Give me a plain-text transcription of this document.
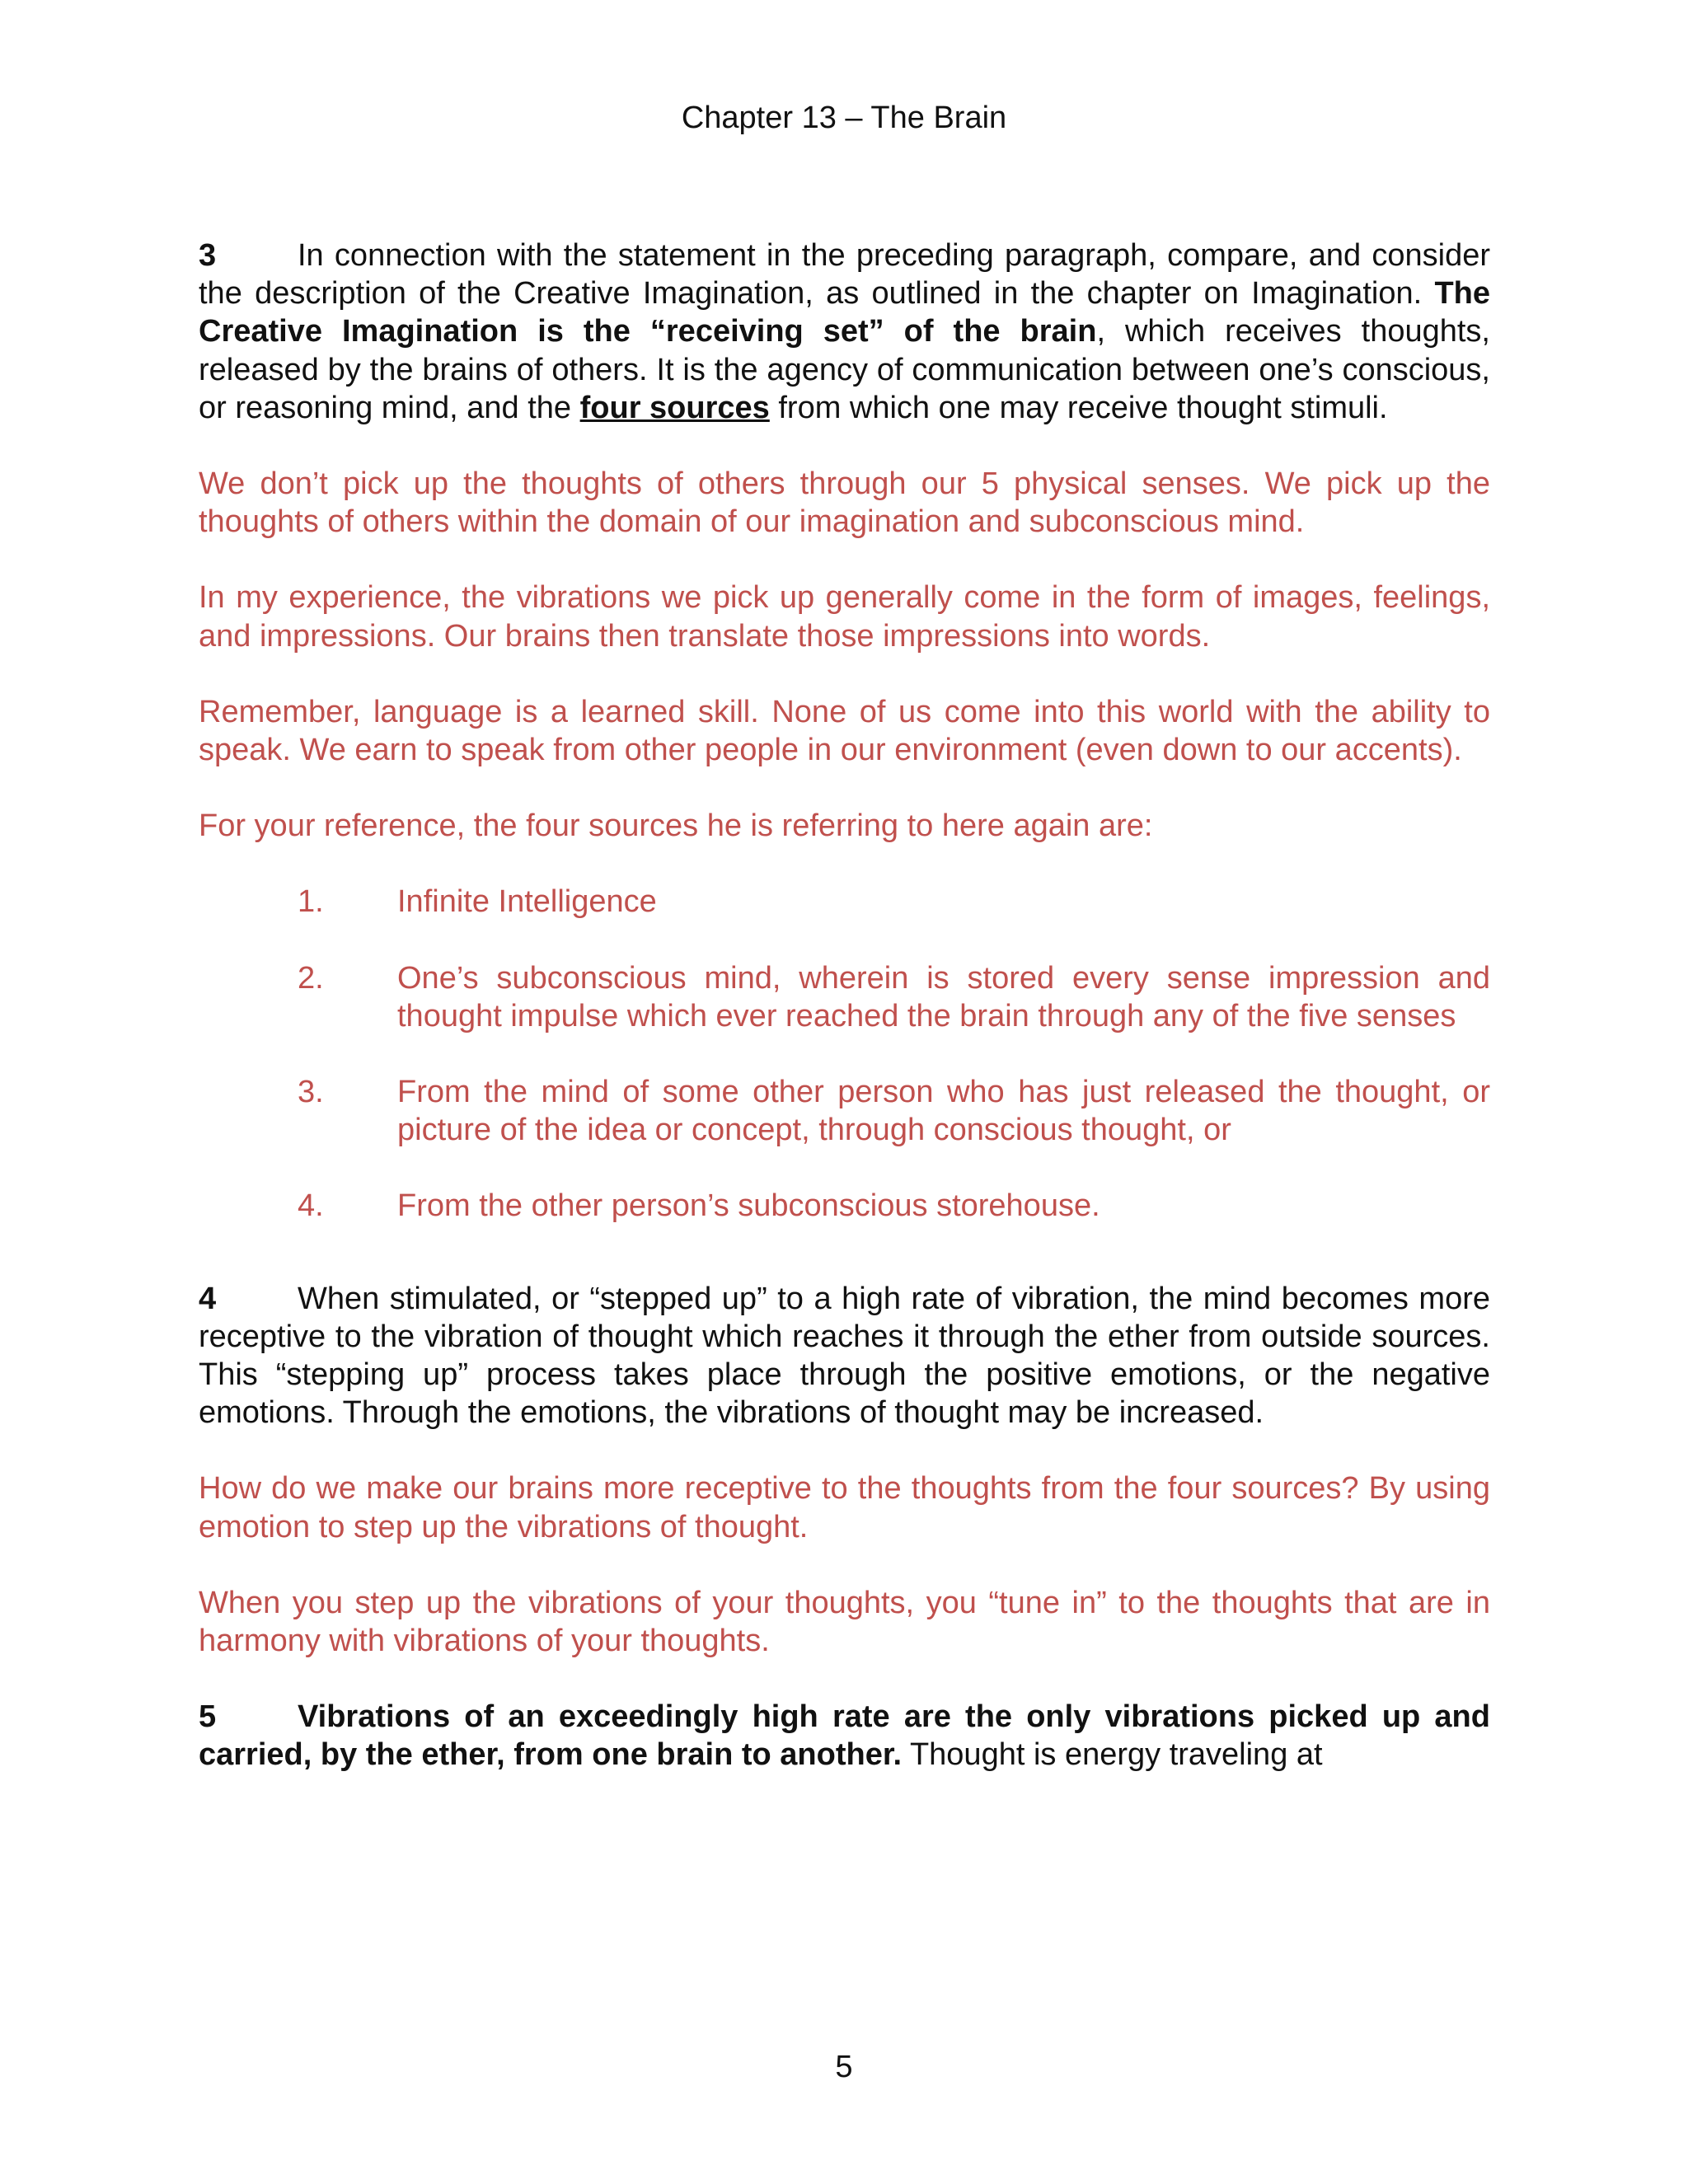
Chapter 13 – The Brain

3	In connection with the statement in the preceding paragraph, compare, and consider the description of the Creative Imagination, as outlined in the chapter on Imagination. The Creative Imagination is the “receiving set” of the brain, which receives thoughts, released by the brains of others. It is the agency of communication between one’s conscious, or reasoning mind, and the four sources from which one may receive thought stimuli.

We don’t pick up the thoughts of others through our 5 physical senses. We pick up the thoughts of others within the domain of our imagination and subconscious mind.

In my experience, the vibrations we pick up generally come in the form of images, feelings, and impressions. Our brains then translate those impressions into words.

Remember, language is a learned skill. None of us come into this world with the ability to speak. We earn to speak from other people in our environment (even down to our accents).

For your reference, the four sources he is referring to here again are:

1.	Infinite Intelligence
2.	One’s subconscious mind, wherein is stored every sense impression and thought impulse which ever reached the brain through any of the five senses
3.	From the mind of some other person who has just released the thought, or picture of the idea or concept, through conscious thought, or
4.	From the other person’s subconscious storehouse.

4	When stimulated, or “stepped up” to a high rate of vibration, the mind becomes more receptive to the vibration of thought which reaches it through the ether from outside sources. This “stepping up” process takes place through the positive emotions, or the negative emotions. Through the emotions, the vibrations of thought may be increased.

How do we make our brains more receptive to the thoughts from the four sources? By using emotion to step up the vibrations of thought.

When you step up the vibrations of your thoughts, you “tune in” to the thoughts that are in harmony with vibrations of your thoughts.

5	Vibrations of an exceedingly high rate are the only vibrations picked up and carried, by the ether, from one brain to another. Thought is energy traveling at

5
